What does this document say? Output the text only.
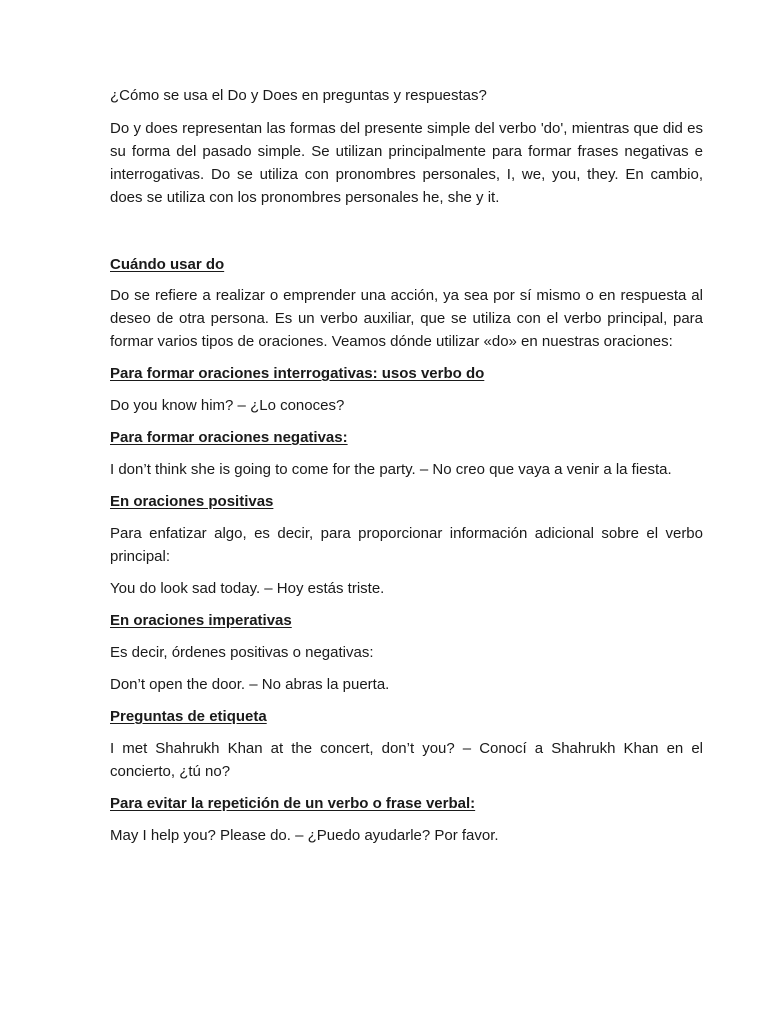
¿Cómo se usa el Do y Does en preguntas y respuestas?

Do y does representan las formas del presente simple del verbo 'do', mientras que did es su forma del pasado simple. Se utilizan principalmente para formar frases negativas e interrogativas. Do se utiliza con pronombres personales, I, we, you, they. En cambio, does se utiliza con los pronombres personales he, she y it.

Cuándo usar do

Do se refiere a realizar o emprender una acción, ya sea por sí mismo o en respuesta al deseo de otra persona. Es un verbo auxiliar, que se utiliza con el verbo principal, para formar varios tipos de oraciones. Veamos dónde utilizar «do» en nuestras oraciones:

Para formar oraciones interrogativas: usos verbo do

Do you know him? – ¿Lo conoces?

Para formar oraciones negativas:

I don’t think she is going to come for the party. – No creo que vaya a venir a la fiesta.

En oraciones positivas

Para enfatizar algo, es decir, para proporcionar información adicional sobre el verbo principal:

You do look sad today. – Hoy estás triste.

En oraciones imperativas

Es decir, órdenes positivas o negativas:

Don’t open the door. – No abras la puerta.

Preguntas de etiqueta

I met Shahrukh Khan at the concert, don’t you? – Conocí a Shahrukh Khan en el concierto, ¿tú no?

Para evitar la repetición de un verbo o frase verbal:

May I help you? Please do. – ¿Puedo ayudarle? Por favor.
